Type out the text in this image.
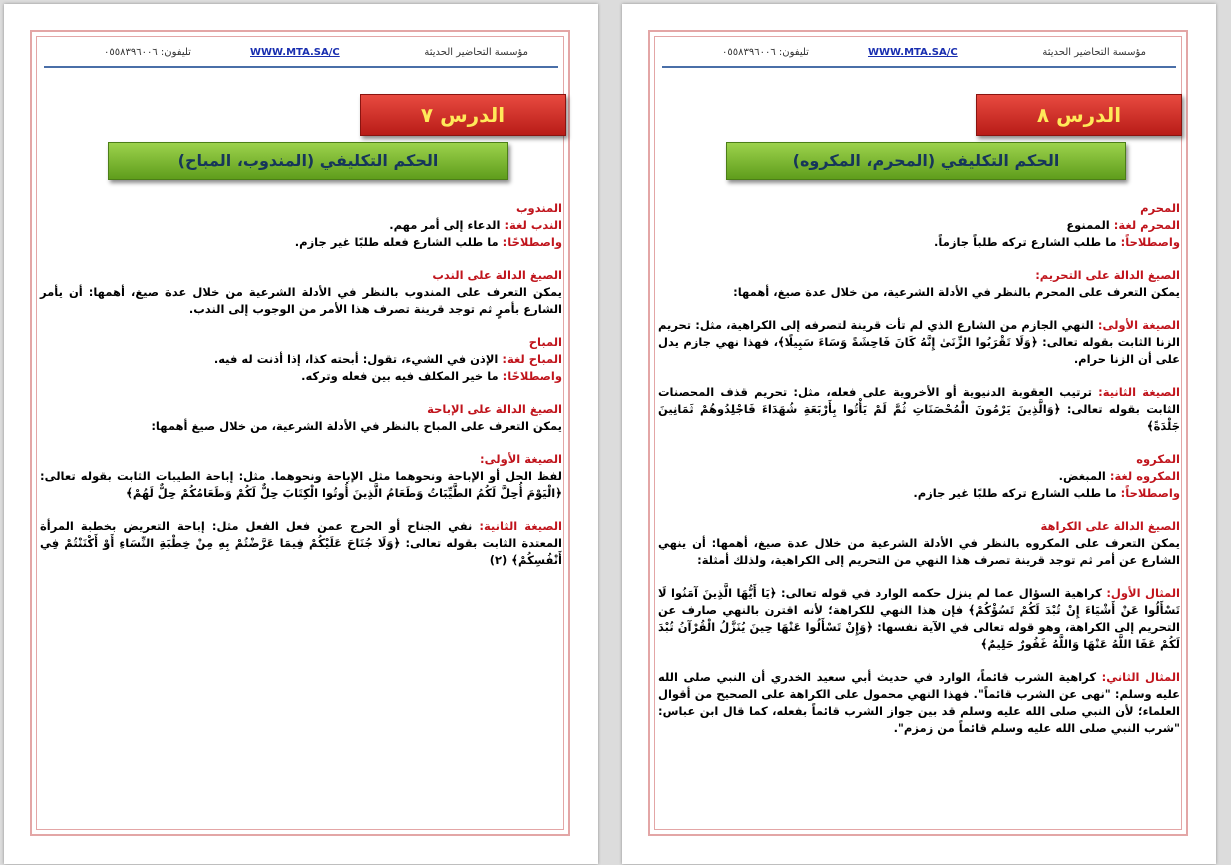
مؤسسة التحاضير الحديثة
WWW.MTA.SA/C
تليفون: ٠٥٥٨٣٩٦٠٠٦
الدرس ٧
الحكم التكليفي (المندوب، المباح)

المندوب

الندب لغة: الدعاء إلى أمر مهم.

واصطلاحًا: ما طلب الشارع فعله طلبًا غير جازم.

الصيغ الدالة على الندب

يمكن التعرف على المندوب بالنظر في الأدلة الشرعية من خلال عدة صيغ، أهمها: أن يأمر الشارع بأمرٍ ثم توجد قرينة تصرف هذا الأمر من الوجوب إلى الندب.

المباح

المباح لغة: الإذن في الشيء، تقول: أبحته كذا، إذا أذنت له فيه.

واصطلاحًا: ما خير المكلف فيه بين فعله وتركه.

الصيغ الدالة على الإباحة

يمكن التعرف على المباح بالنظر في الأدلة الشرعية، من خلال صيغ أهمها:

الصيغة الأولى:

لفظ الحل أو الإباحة ونحوهما مثل الإباحة ونحوهما. مثل: إباحة الطيبات الثابت بقوله تعالى: ﴿الْيَوْمَ أُحِلَّ لَكُمُ الطَّيِّبَاتُ وَطَعَامُ الَّذِينَ أُوتُوا الْكِتَابَ حِلٌّ لَكُمْ وَطَعَامُكُمْ حِلٌّ لَهُمْ﴾

الصيغة الثانية: نفي الجناح أو الحرج عمن فعل الفعل مثل: إباحة التعريض بخطبة المرأة المعتدة الثابت بقوله تعالى: ﴿وَلَا جُنَاحَ عَلَيْكُمْ فِيمَا عَرَّضْتُمْ بِهِ مِنْ خِطْبَةِ النِّسَاءِ أَوْ أَكْنَنْتُمْ فِي أَنْفُسِكُمْ﴾ (٢)

مؤسسة التحاضير الحديثة
WWW.MTA.SA/C
تليفون: ٠٥٥٨٣٩٦٠٠٦
الدرس ٨
الحكم التكليفي (المحرم، المكروه)

المحرم

المحرم لغة: الممنوع

واصطلاحاً: ما طلب الشارع تركه طلباً جازماً.

الصيغ الدالة على التحريم:

يمكن التعرف على المحرم بالنظر في الأدلة الشرعية، من خلال عدة صيغ، أهمها:

الصيغة الأولى: النهي الجازم من الشارع الذي لم تأت قرينة لتصرفه إلى الكراهية، مثل: تحريم الزنا الثابت بقوله تعالى: ﴿وَلَا تَقْرَبُوا الزِّنَىٰ إِنَّهُ كَانَ فَاحِشَةً وَسَاءَ سَبِيلًا﴾، فهذا نهي جازم يدل على أن الزنا حرام.

الصيغة الثانية: ترتيب العقوبة الدنيوية أو الأخروية على فعله، مثل: تحريم قذف المحصنات الثابت بقوله تعالى: ﴿وَالَّذِينَ يَرْمُونَ الْمُحْصَنَاتِ ثُمَّ لَمْ يَأْتُوا بِأَرْبَعَةِ شُهَدَاءَ فَاجْلِدُوهُمْ ثَمَانِينَ جَلْدَةً﴾

المكروه

المكروه لغة: المبغض.

واصطلاحاً: ما طلب الشارع تركه طلبًا غير جازم.

الصيغ الدالة على الكراهة

يمكن التعرف على المكروه بالنظر في الأدلة الشرعية من خلال عدة صيغ، أهمها: أن ينهي الشارع عن أمر ثم توجد قرينة تصرف هذا النهي من التحريم إلى الكراهية، ولذلك أمثلة:

المثال الأول: كراهية السؤال عما لم ينزل حكمه الوارد في قوله تعالى: ﴿يَا أَيُّهَا الَّذِينَ آمَنُوا لَا تَسْأَلُوا عَنْ أَشْيَاءَ إِنْ تُبْدَ لَكُمْ تَسُؤْكُمْ﴾ فإن هذا النهي للكراهة؛ لأنه اقترن بالنهي صارف عن التحريم إلى الكراهة، وهو قوله تعالى في الآية نفسها: ﴿وَإِنْ تَسْأَلُوا عَنْهَا حِينَ يُنَزَّلُ الْقُرْآنُ تُبْدَ لَكُمْ عَفَا اللَّهُ عَنْهَا وَاللَّهُ غَفُورٌ حَلِيمٌ﴾

المثال الثاني: كراهية الشرب قائماً، الوارد في حديث أبي سعيد الخدري أن النبي صلى الله عليه وسلم: "نهى عن الشرب قائماً". فهذا النهي محمول على الكراهة على الصحيح من أقوال العلماء؛ لأن النبي صلى الله عليه وسلم قد بين جواز الشرب قائماً بفعله، كما قال ابن عباس: "شرب النبي صلى الله عليه وسلم قائماً من زمزم".
